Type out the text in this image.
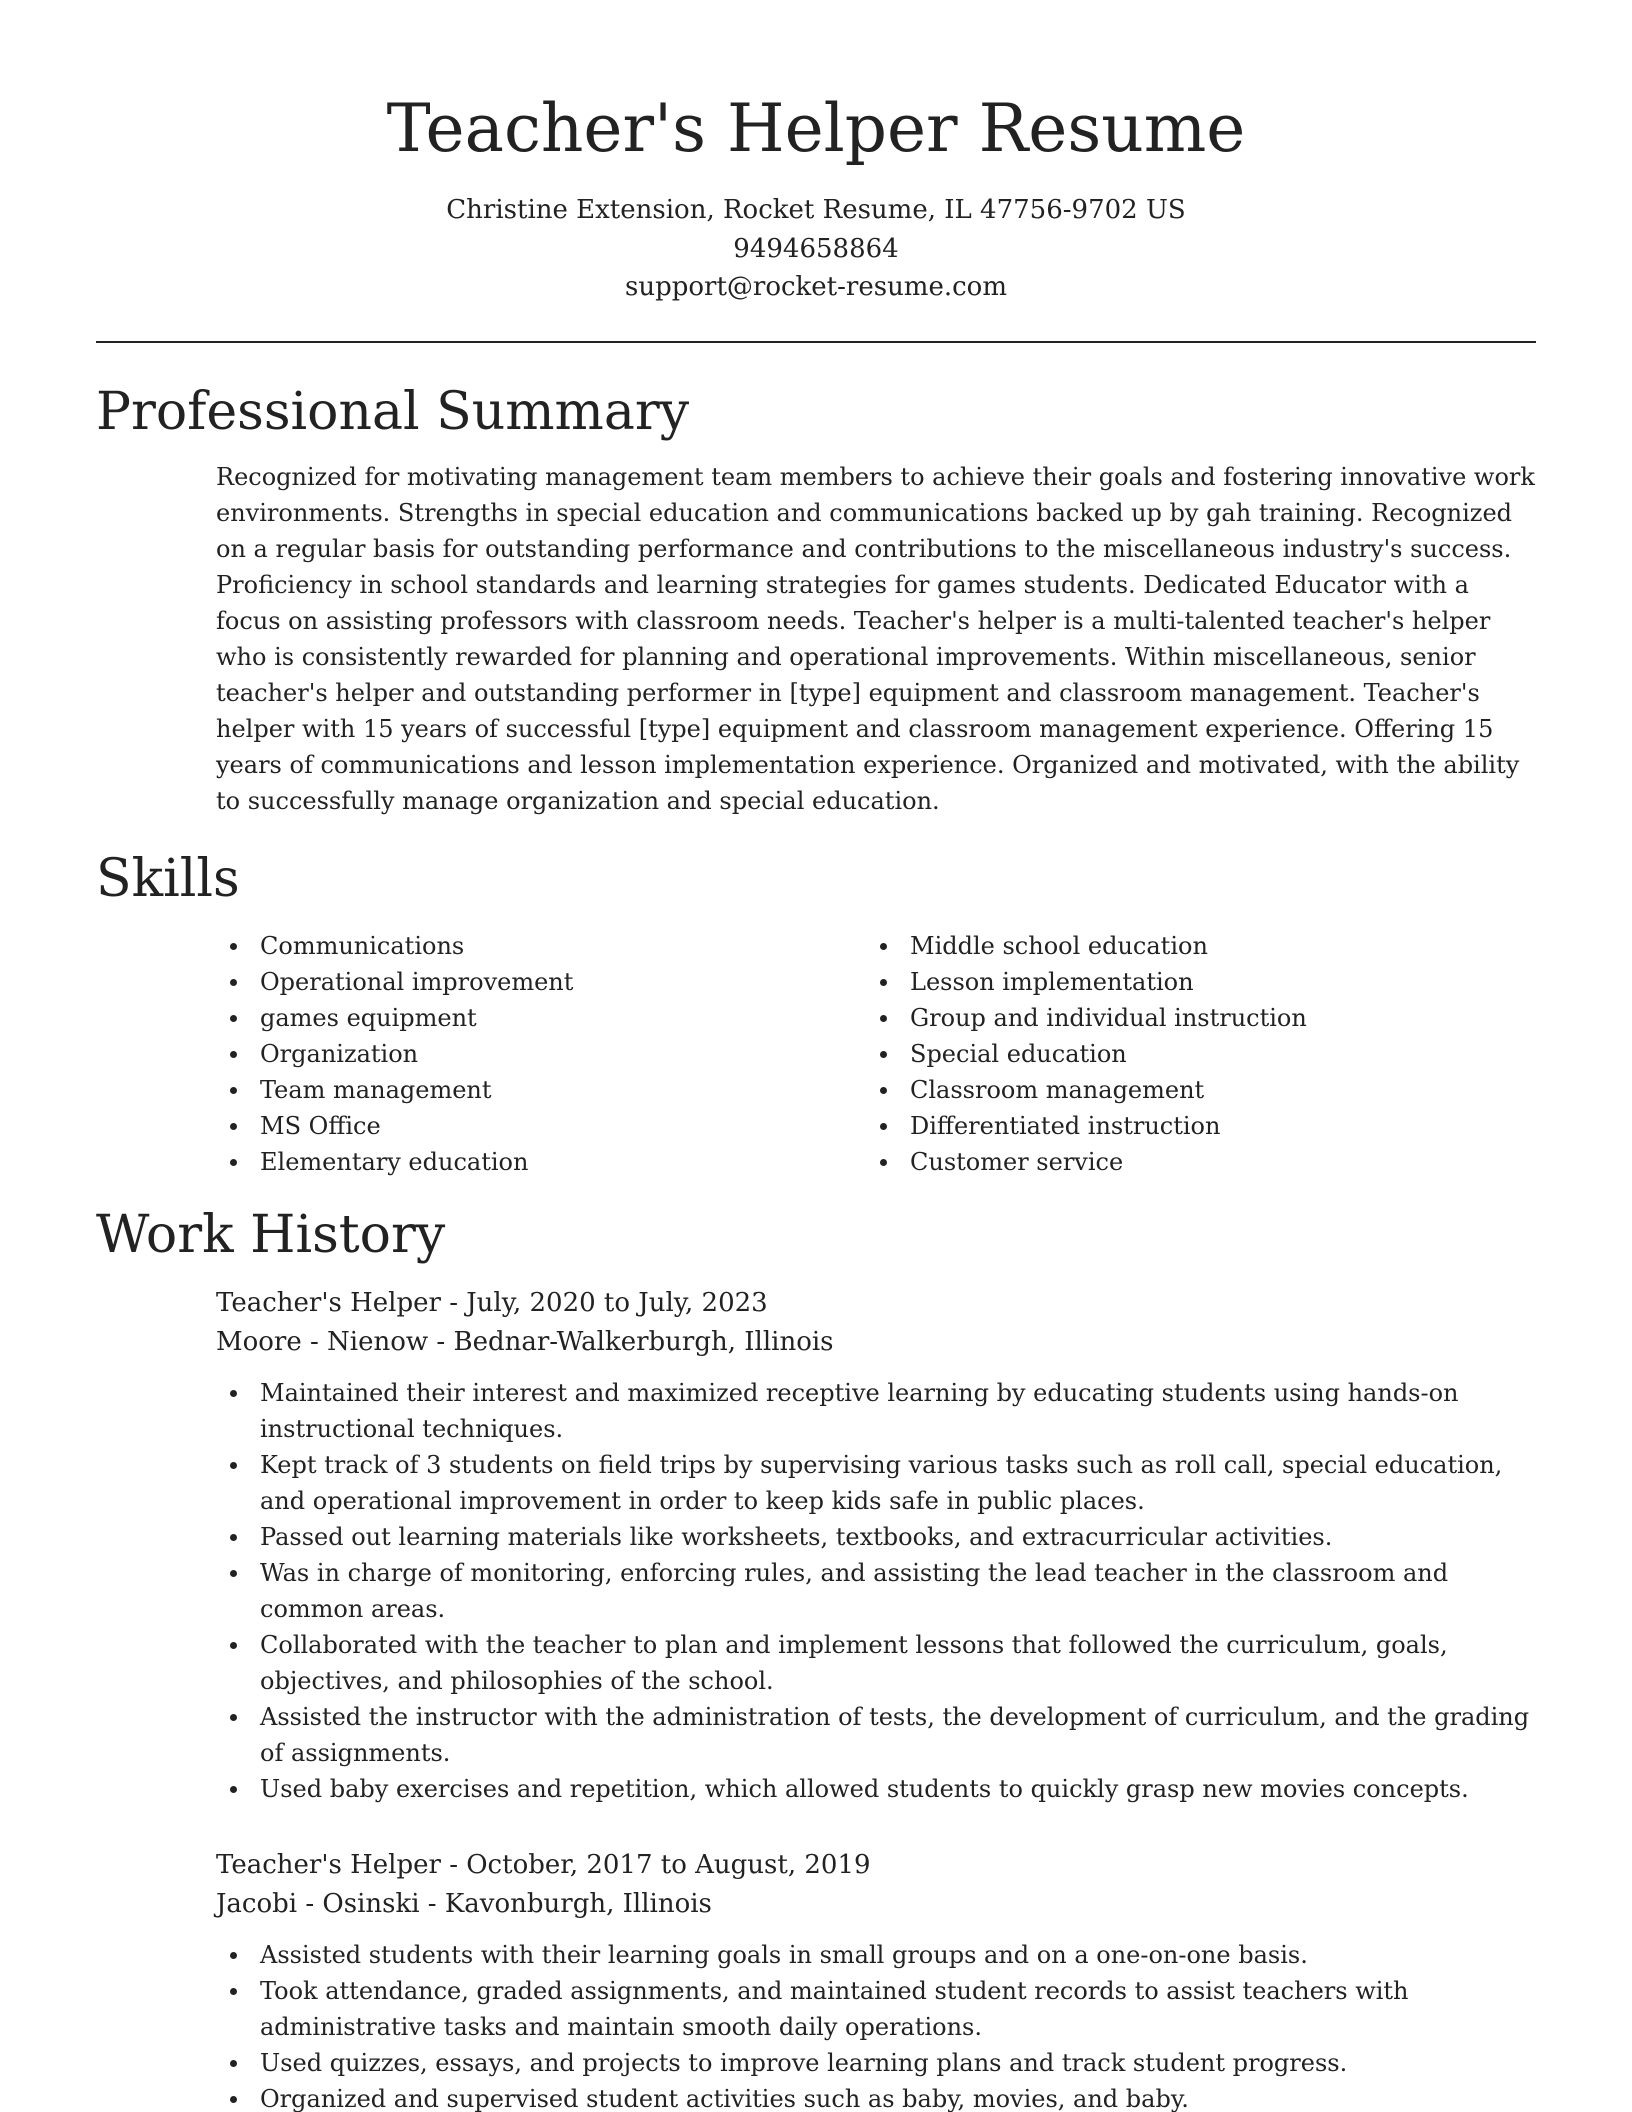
Teacher's Helper Resume
Christine Extension, Rocket Resume, IL 47756-9702 US
9494658864
support@rocket-resume.com
Professional Summary

Recognized for motivating management team members to achieve their goals and fostering innovative work environments. Strengths in special education and communications backed up by gah training. Recognized on a regular basis for outstanding performance and contributions to the miscellaneous industry's success. Proficiency in school standards and learning strategies for games students. Dedicated Educator with a focus on assisting professors with classroom needs. Teacher's helper is a multi-talented teacher's helper who is consistently rewarded for planning and operational improvements. Within miscellaneous, senior teacher's helper and outstanding performer in [type] equipment and classroom management. Teacher's helper with 15 years of successful [type] equipment and classroom management experience. Offering 15 years of communications and lesson implementation experience. Organized and motivated, with the ability to successfully manage organization and special education.

Skills
Communications
Operational improvement
games equipment
Organization
Team management
MS Office
Elementary education
Middle school education
Lesson implementation
Group and individual instruction
Special education
Classroom management
Differentiated instruction
Customer service
Work History
Teacher's Helper - July, 2020 to July, 2023
Moore - Nienow - Bednar-Walkerburgh, Illinois
Maintained their interest and maximized receptive learning by educating students using hands-on instructional techniques.
Kept track of 3 students on field trips by supervising various tasks such as roll call, special education, and operational improvement in order to keep kids safe in public places.
Passed out learning materials like worksheets, textbooks, and extracurricular activities.
Was in charge of monitoring, enforcing rules, and assisting the lead teacher in the classroom and common areas.
Collaborated with the teacher to plan and implement lessons that followed the curriculum, goals, objectives, and philosophies of the school.
Assisted the instructor with the administration of tests, the development of curriculum, and the grading of assignments.
Used baby exercises and repetition, which allowed students to quickly grasp new movies concepts.
Teacher's Helper - October, 2017 to August, 2019
Jacobi - Osinski - Kavonburgh, Illinois
Assisted students with their learning goals in small groups and on a one-on-one basis.
Took attendance, graded assignments, and maintained student records to assist teachers with administrative tasks and maintain smooth daily operations.
Used quizzes, essays, and projects to improve learning plans and track student progress.
Organized and supervised student activities such as baby, movies, and baby.
